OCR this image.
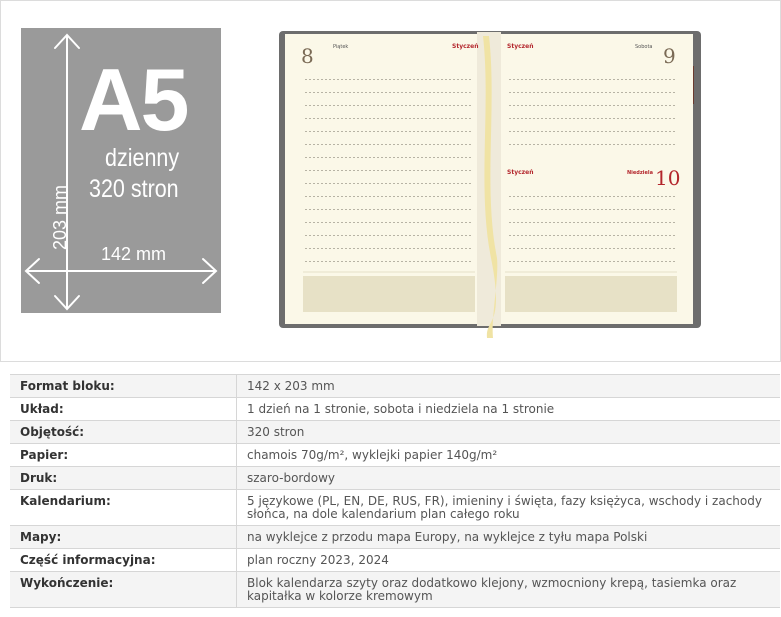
A5
dzienny
320 stron
203 mm
142 mm
8	Piątek	Styczeń	Styczeń	Sobota 9
Styczeń	Niedziela 10
Format bloku:	142 x 203 mm
Układ:	1 dzień na 1 stronie, sobota i niedziela na 1 stronie
Objętość:	320 stron
Papier:	chamois 70g/m², wyklejki papier 140g/m²
Druk:	szaro-bordowy
Kalendarium:	5 językowe (PL, EN, DE, RUS, FR), imieniny i święta, fazy księżyca, wschody i zachody słońca, na dole kalendarium plan całego roku
Mapy:	na wyklejce z przodu mapa Europy, na wyklejce z tyłu mapa Polski
Część informacyjna:	plan roczny 2023, 2024
Wykończenie:	Blok kalendarza szyty oraz dodatkowo klejony, wzmocniony krepą, tasiemka oraz kapitałka w kolorze kremowym
